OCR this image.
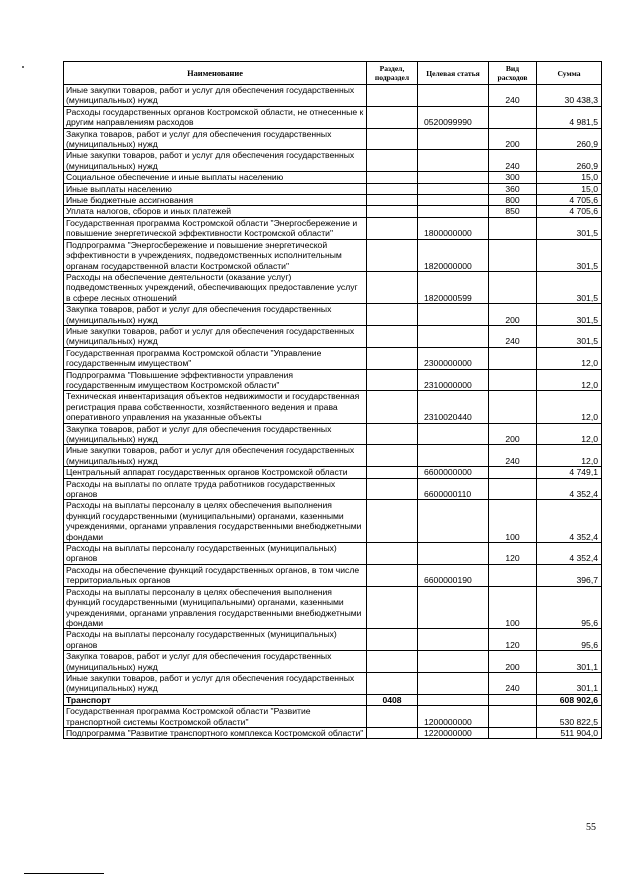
Наименование	Раздел, подраздел	Целевая статья	Вид расходов	Сумма
Иные закупки товаров, работ и услуг для обеспечения государственных (муниципальных) нужд			240	30 438,3
Расходы государственных органов Костромской области, не отнесенные к другим направлениям расходов		0520099990		4 981,5
Закупка товаров, работ и услуг для обеспечения государственных (муниципальных) нужд			200	260,9
Иные закупки товаров, работ и услуг для обеспечения государственных (муниципальных) нужд			240	260,9
Социальное обеспечение и иные выплаты населению			300	15,0
Иные выплаты населению			360	15,0
Иные бюджетные ассигнования			800	4 705,6
Уплата налогов, сборов и иных платежей			850	4 705,6
Государственная программа Костромской области "Энергосбережение и повышение энергетической эффективности Костромской области"		1800000000		301,5
Подпрограмма "Энергосбережение и повышение энергетической эффективности в учреждениях, подведомственных исполнительным органам государственной власти Костромской области"		1820000000		301,5
Расходы на обеспечение деятельности (оказание услуг) подведомственных учреждений, обеспечивающих предоставление услуг в сфере лесных отношений		1820000599		301,5
Закупка товаров, работ и услуг для обеспечения государственных (муниципальных) нужд			200	301,5
Иные закупки товаров, работ и услуг для обеспечения государственных (муниципальных) нужд			240	301,5
Государственная программа Костромской области "Управление государственным имуществом"		2300000000		12,0
Подпрограмма "Повышение эффективности управления государственным имуществом Костромской области"		2310000000		12,0
Техническая инвентаризация объектов недвижимости и государственная регистрация права собственности, хозяйственного ведения и права оперативного управления на указанные объекты		2310020440		12,0
Закупка товаров, работ и услуг для обеспечения государственных (муниципальных) нужд			200	12,0
Иные закупки товаров, работ и услуг для обеспечения государственных (муниципальных) нужд			240	12,0
Центральный аппарат государственных органов Костромской области		6600000000		4 749,1
Расходы на выплаты по оплате труда работников государственных органов		6600000110		4 352,4
Расходы на выплаты персоналу в целях обеспечения выполнения функций государственными (муниципальными) органами, казенными учреждениями, органами управления государственными внебюджетными фондами			100	4 352,4
Расходы на выплаты персоналу государственных (муниципальных) органов			120	4 352,4
Расходы на обеспечение функций государственных органов, в том числе территориальных органов		6600000190		396,7
Расходы на выплаты персоналу в целях обеспечения выполнения функций государственными (муниципальными) органами, казенными учреждениями, органами управления государственными внебюджетными фондами			100	95,6
Расходы на выплаты персоналу государственных (муниципальных) органов			120	95,6
Закупка товаров, работ и услуг для обеспечения государственных (муниципальных) нужд			200	301,1
Иные закупки товаров, работ и услуг для обеспечения государственных (муниципальных) нужд			240	301,1
Транспорт	0408			608 902,6
Государственная программа Костромской области "Развитие транспортной системы Костромской области"		1200000000		530 822,5
Подпрограмма "Развитие транспортного комплекса Костромской области"		1220000000		511 904,0
55
